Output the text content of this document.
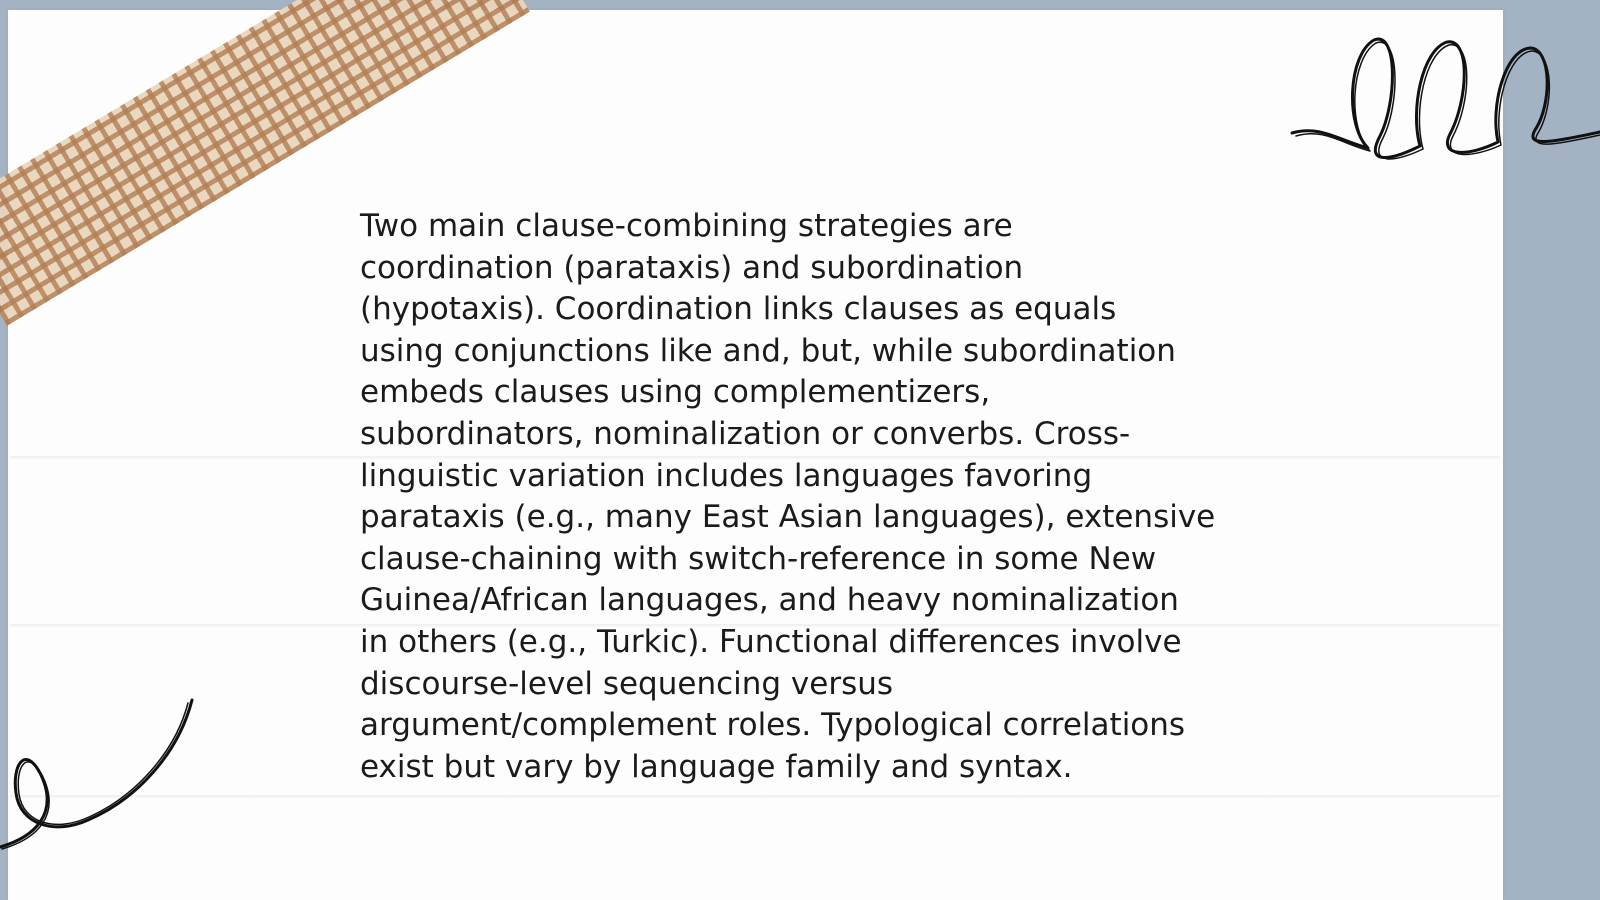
Two main clause-combining strategies are
coordination (parataxis) and subordination
(hypotaxis). Coordination links clauses as equals
using conjunctions like and, but, while subordination
embeds clauses using complementizers,
subordinators, nominalization or converbs. Cross-
linguistic variation includes languages favoring
parataxis (e.g., many East Asian languages), extensive
clause-chaining with switch-reference in some New
Guinea/African languages, and heavy nominalization
in others (e.g., Turkic). Functional differences involve
discourse-level sequencing versus
argument/complement roles. Typological correlations
exist but vary by language family and syntax.
